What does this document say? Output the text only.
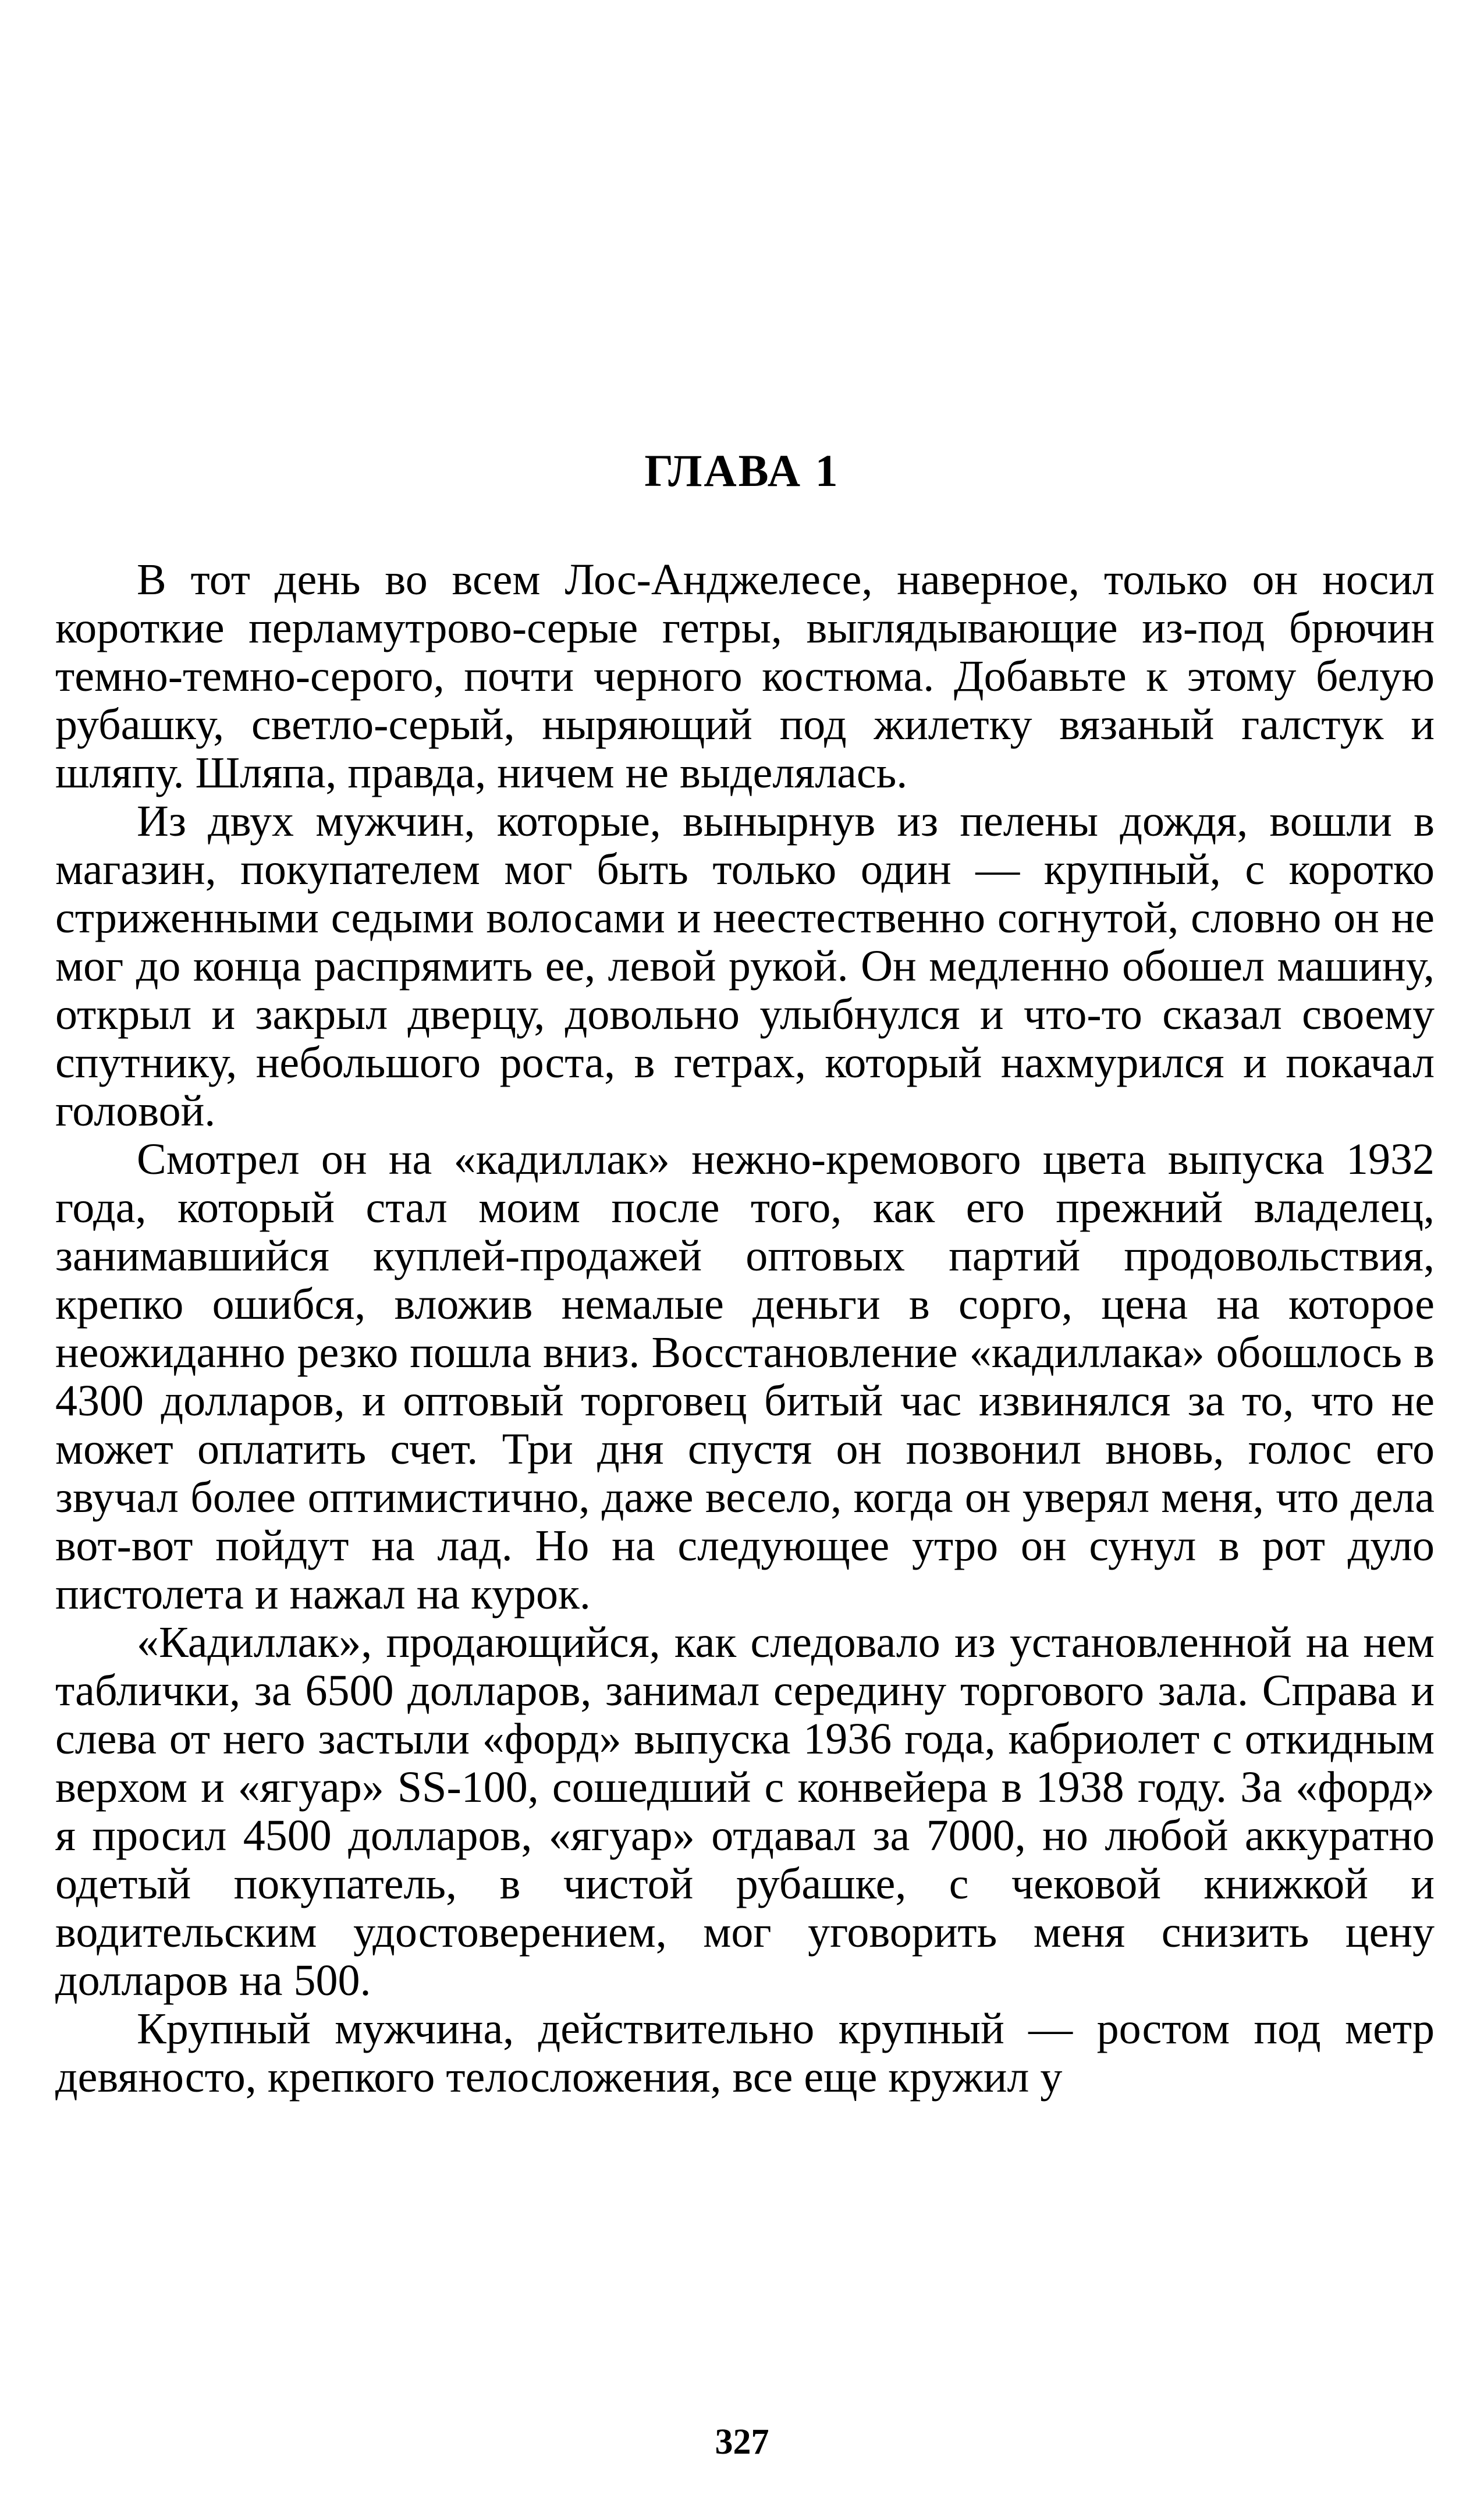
ГЛАВА 1

В тот день во всем Лос-Анджелесе, наверное, только он носил короткие перламутрово-серые гетры, выглядывающие из-под брючин темно-темно-серого, почти черного костюма. Добавьте к этому белую рубашку, светло-серый, ныряющий под жилетку вязаный галстук и шляпу. Шляпа, правда, ничем не выделялась.

Из двух мужчин, которые, вынырнув из пелены дождя, вошли в магазин, покупателем мог быть только один — крупный, с коротко стриженными седыми волосами и неестественно согнутой, словно он не мог до конца распрямить ее, левой рукой. Он медленно обошел машину, открыл и закрыл дверцу, довольно улыбнулся и что-то сказал своему спутнику, небольшого роста, в гетрах, который нахмурился и покачал головой.

Смотрел он на «кадиллак» нежно-кремового цвета выпуска 1932 года, который стал моим после того, как его прежний владелец, занимавшийся куплей-продажей оптовых партий продовольствия, крепко ошибся, вложив немалые деньги в сорго, цена на которое неожиданно резко пошла вниз. Восстановление «кадиллака» обошлось в 4300 долларов, и оптовый торговец битый час извинялся за то, что не может оплатить счет. Три дня спустя он позвонил вновь, голос его звучал более оптимистично, даже весело, когда он уверял меня, что дела вот-вот пойдут на лад. Но на следующее утро он сунул в рот дуло пистолета и нажал на курок.

«Кадиллак», продающийся, как следовало из установленной на нем таблички, за 6500 долларов, занимал середину торгового зала. Справа и слева от него застыли «форд» выпуска 1936 года, кабриолет с откидным верхом и «ягуар» SS-100, сошедший с конвейера в 1938 году. За «форд» я просил 4500 долларов, «ягуар» отдавал за 7000, но любой аккуратно одетый покупатель, в чистой рубашке, с чековой книжкой и водительским удостоверением, мог уговорить меня снизить цену долларов на 500.

Крупный мужчина, действительно крупный — ростом под метр девяносто, крепкого телосложения, все еще кружил у

327
